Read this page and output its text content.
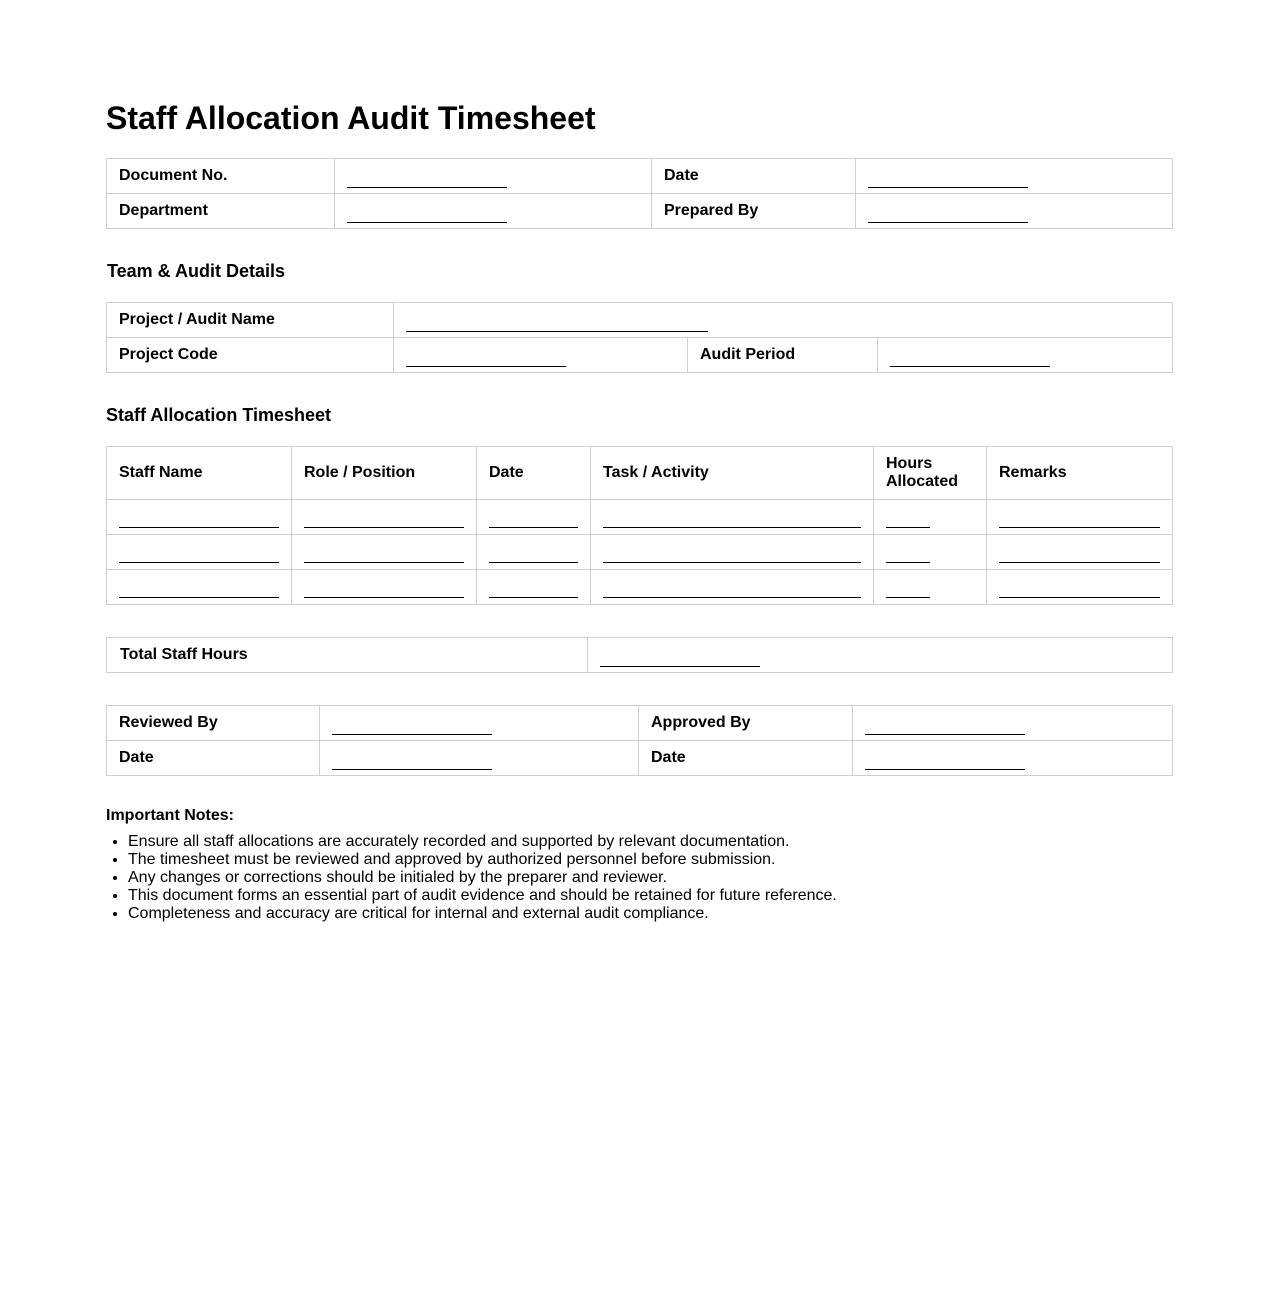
Staff Allocation Audit Timesheet
Document No.		Date	
Department		Prepared By	
Team & Audit Details
Project / Audit Name			
Project Code		Audit Period	
Staff Allocation Timesheet
Staff Name	Role / Position	Date	Task / Activity	Hours Allocated	Remarks

Total Staff Hours	
Reviewed By		Approved By	
Date		Date	

Important Notes:

• Ensure all staff allocations are accurately recorded and supported by relevant documentation.
• The timesheet must be reviewed and approved by authorized personnel before submission.
• Any changes or corrections should be initialed by the preparer and reviewer.
• This document forms an essential part of audit evidence and should be retained for future reference.
• Completeness and accuracy are critical for internal and external audit compliance.
